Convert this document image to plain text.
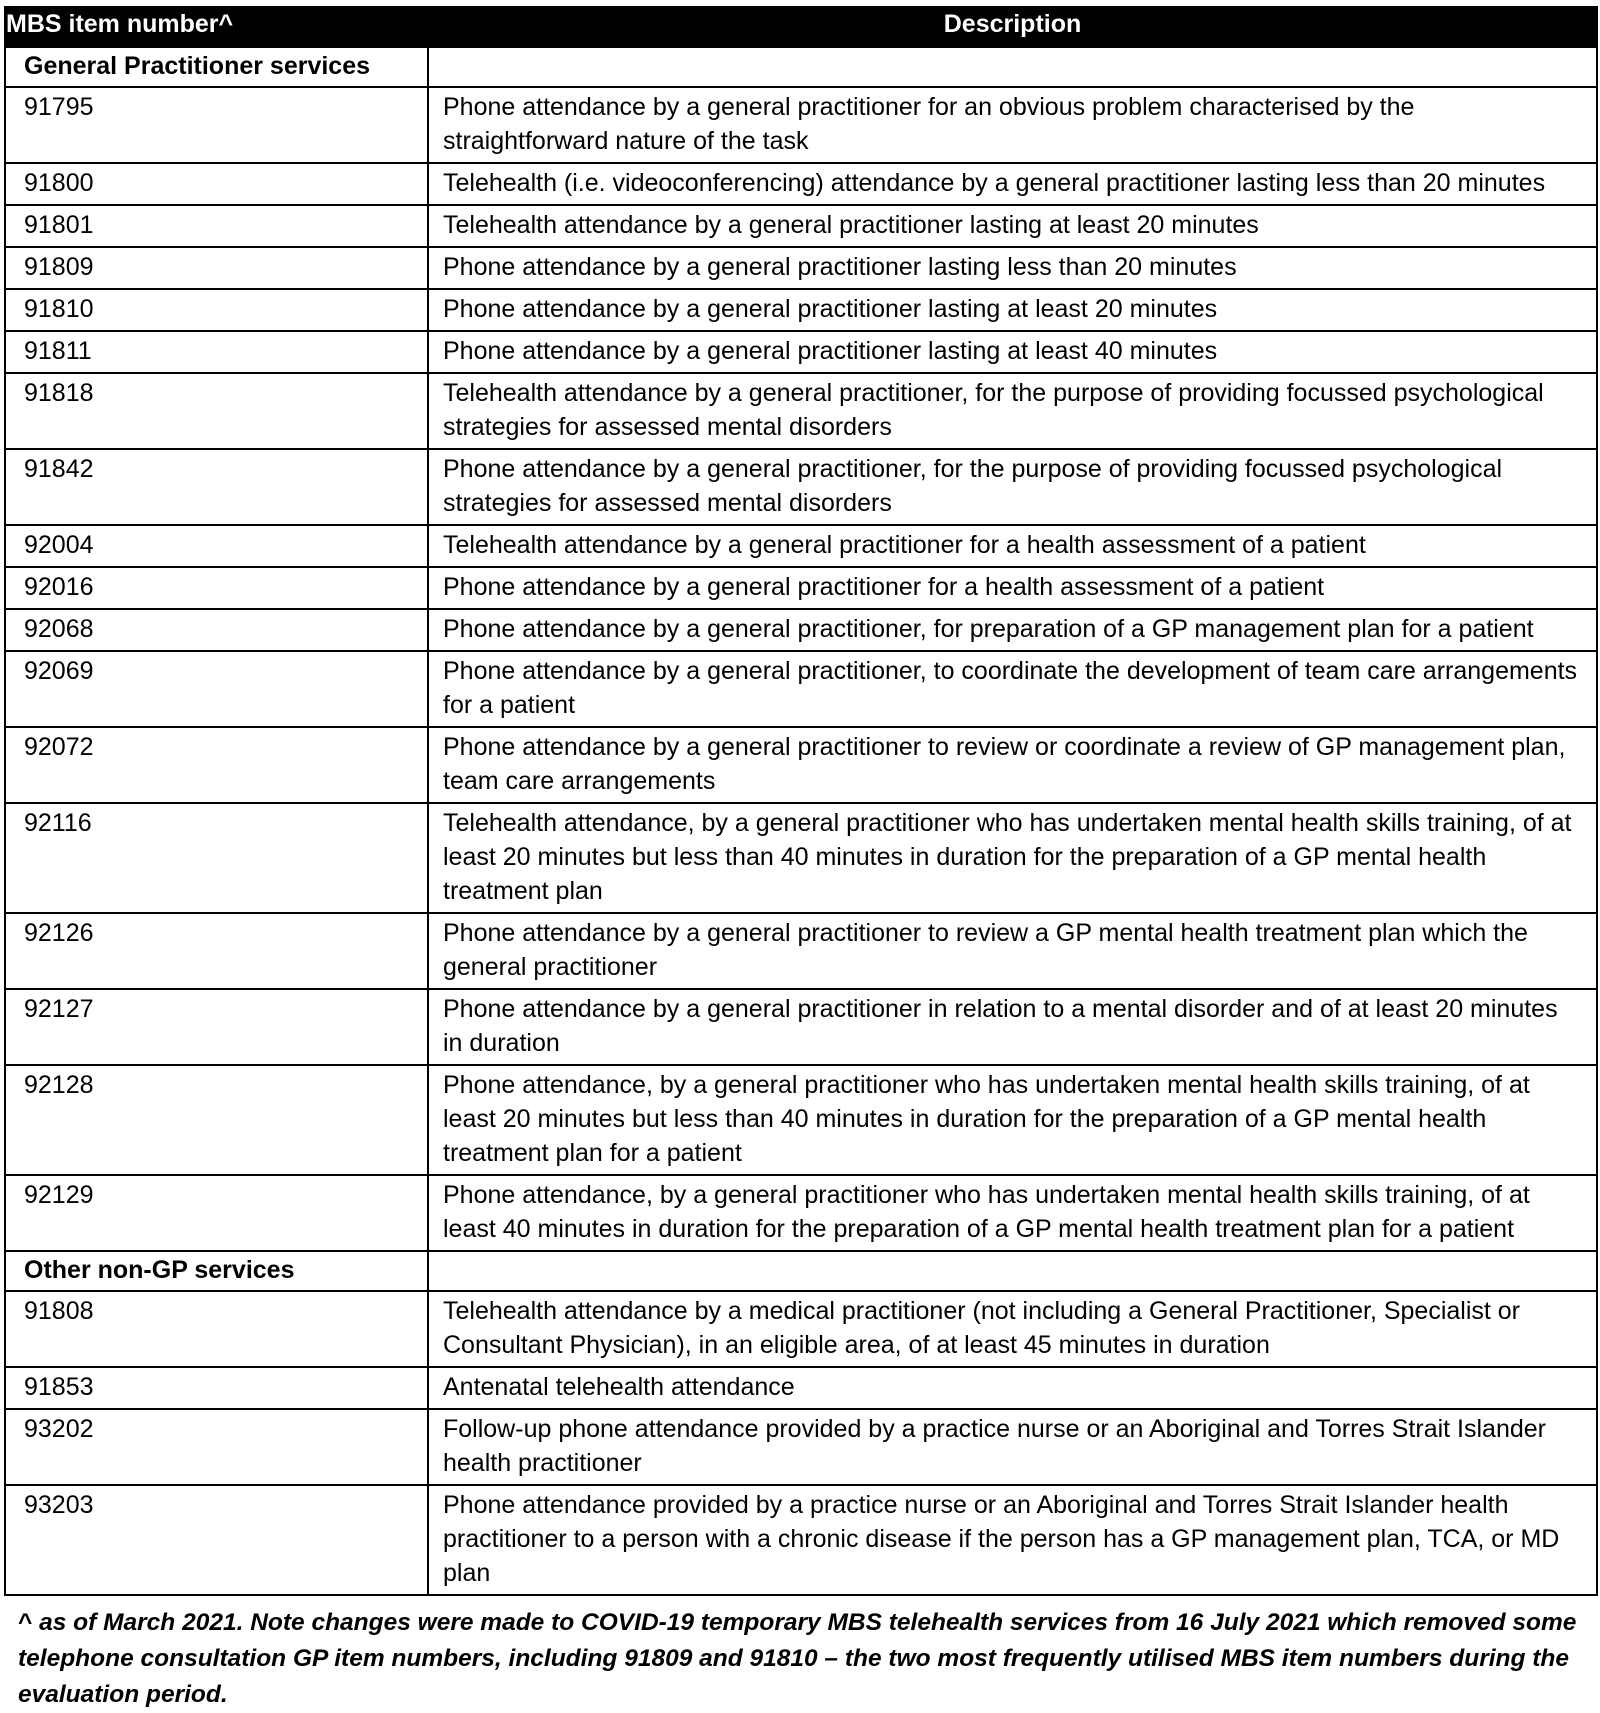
MBS item number^	Description
General Practitioner services	
91795	Phone attendance by a general practitioner for an obvious problem characterised by the straightforward nature of the task
91800	Telehealth (i.e. videoconferencing) attendance by a general practitioner lasting less than 20 minutes
91801	Telehealth attendance by a general practitioner lasting at least 20 minutes
91809	Phone attendance by a general practitioner lasting less than 20 minutes
91810	Phone attendance by a general practitioner lasting at least 20 minutes
91811	Phone attendance by a general practitioner lasting at least 40 minutes
91818	Telehealth attendance by a general practitioner, for the purpose of providing focussed psychological strategies for assessed mental disorders
91842	Phone attendance by a general practitioner, for the purpose of providing focussed psychological strategies for assessed mental disorders
92004	Telehealth attendance by a general practitioner for a health assessment of a patient
92016	Phone attendance by a general practitioner for a health assessment of a patient
92068	Phone attendance by a general practitioner, for preparation of a GP management plan for a patient
92069	Phone attendance by a general practitioner, to coordinate the development of team care arrangements for a patient
92072	Phone attendance by a general practitioner to review or coordinate a review of GP management plan, team care arrangements
92116	Telehealth attendance, by a general practitioner who has undertaken mental health skills training, of at least 20 minutes but less than 40 minutes in duration for the preparation of a GP mental health treatment plan
92126	Phone attendance by a general practitioner to review a GP mental health treatment plan which the general practitioner
92127	Phone attendance by a general practitioner in relation to a mental disorder and of at least 20 minutes in duration
92128	Phone attendance, by a general practitioner who has undertaken mental health skills training, of at least 20 minutes but less than 40 minutes in duration for the preparation of a GP mental health treatment plan for a patient
92129	Phone attendance, by a general practitioner who has undertaken mental health skills training, of at least 40 minutes in duration for the preparation of a GP mental health treatment plan for a patient
Other non-GP services	
91808	Telehealth attendance by a medical practitioner (not including a General Practitioner, Specialist or Consultant Physician), in an eligible area, of at least 45 minutes in duration
91853	Antenatal telehealth attendance
93202	Follow-up phone attendance provided by a practice nurse or an Aboriginal and Torres Strait Islander health practitioner
93203	Phone attendance provided by a practice nurse or an Aboriginal and Torres Strait Islander health practitioner to a person with a chronic disease if the person has a GP management plan, TCA, or MD plan

^ as of March 2021. Note changes were made to COVID-19 temporary MBS telehealth services from 16 July 2021 which removed some telephone consultation GP item numbers, including 91809 and 91810 – the two most frequently utilised MBS item numbers during the evaluation period.
